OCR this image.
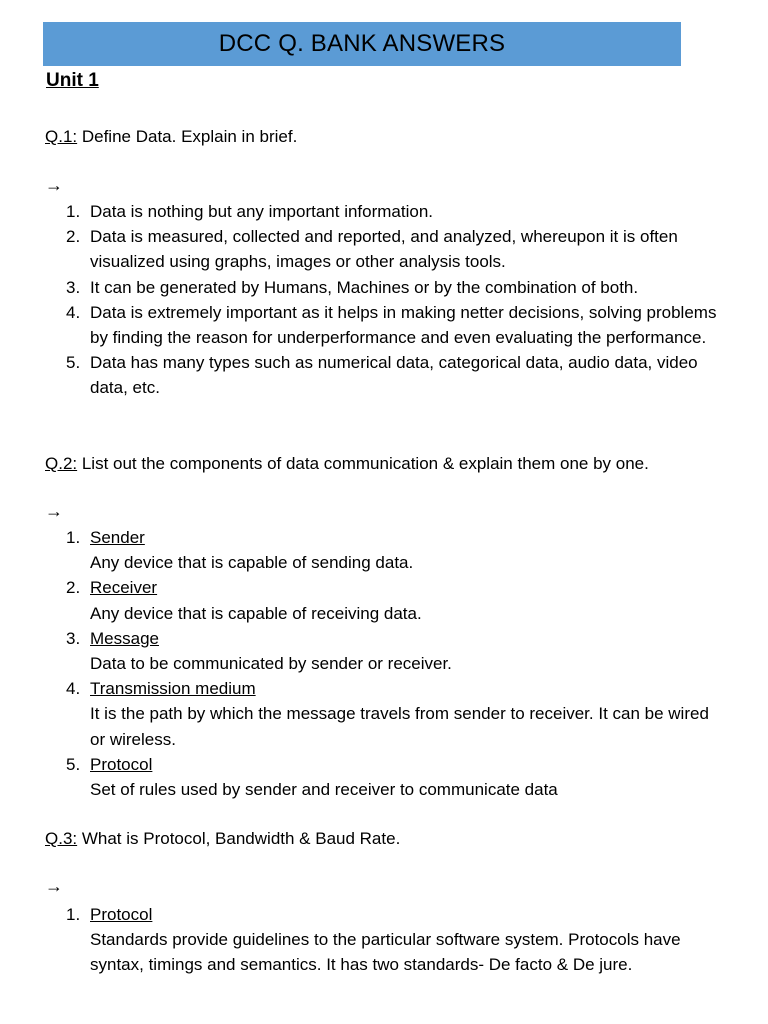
DCC Q. BANK ANSWERS
Unit 1
Q.1: Define Data. Explain in brief.
→
1. Data is nothing but any important information.
2. Data is measured, collected and reported, and analyzed, whereupon it is often visualized using graphs, images or other analysis tools.
3. It can be generated by Humans, Machines or by the combination of both.
4. Data is extremely important as it helps in making netter decisions, solving problems by finding the reason for underperformance and even evaluating the performance.
5. Data has many types such as numerical data, categorical data, audio data, video data, etc.
Q.2: List out the components of data communication & explain them one by one.
→
1. Sender
Any device that is capable of sending data.
2. Receiver
Any device that is capable of receiving data.
3. Message
Data to be communicated by sender or receiver.
4. Transmission medium
It is the path by which the message travels from sender to receiver. It can be wired or wireless.
5. Protocol
Set of rules used by sender and receiver to communicate data
Q.3: What is Protocol, Bandwidth & Baud Rate.
→
1. Protocol
Standards provide guidelines to the particular software system. Protocols have syntax, timings and semantics. It has two standards- De facto & De jure.
